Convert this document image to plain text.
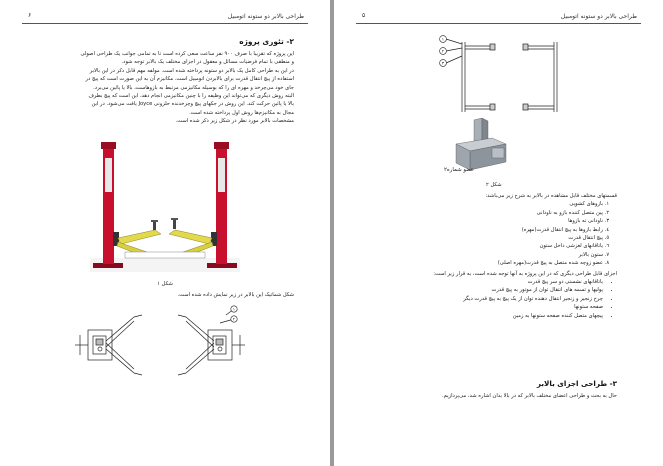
طراحی بالابر دو ستونه اتومبیل
۶
۲- تئوری پروژه
این پروژه که تقریبا با صرف ۹۰۰ نفر ساعت سعی کرده است تا به تمامی جوانب یک طراحی اصولی
و منطقی با تمام فرضیات مسائل و معقول در اجزای مختلف یک بالابر توجه شود.
در این به طراحی کامل یک بالابر دو ستونه پرداخته شده است. مولفه مهم قابل ذکر در این بالابر
استفاده از پیچ انتقال قدرت برای بالابردن اتومبیل است. مکانیزم آن به این صورت است که پیچ در
جای خود می‌چرخد و مهره ای را که بوسیله مکانیزمی مرتبط به بازوهاست، بالا یا پائین می‌برد.
البته روش دیگری که می‌تواند این وظیفه را با چنین مکانیزمی انجام دهد، این است که پیچ بطرف
بالا یا پائین حرکت کند. این روش در جکهای پیچ وچرخدنده حلزونی Joyce یافت می‌شود. در این
مجال به مکانیزم‌ها روش اول پرداخته شده است.
مشخصات بالابر مورد نظر در شکل زیر ذکر شده است.
شکل ۱
شکل شماتیک این بالابر در زیر نمایش داده شده است.
۱
۲
طراحی بالابر دو ستونه اتومبیل
۵
۱
۲
۳
عضو شماره۲
شکل ۲
قسمتهای مختلف قابل مشاهده در بالابر به شرح زیر می‌باشد:
1. بازوهای کشویی
2. پین متصل کننده بازو به ناودانی
3. ناودانی ته بازوها
4. رابط بازوها به پیچ انتقال قدرت(مهره)
5. پیچ انتقال قدرت
6. یاتاقانهای لغزشی داخل ستون
7. ستون بالابر
8. عضو زوچه شده متصل به پیچ قدرت(مهره اصلی)
اجزای قابل طراحی دیگری که در این پروژه به آنها توجه شده است، به قرار زیر است:
• یاتاقانهای نشستی دو سر پیچ قدرت
• پولیها و تسمه های انتقال توان از موتور به پیچ قدرت
• چرخ زنجیر و زنجیر انتقال دهنده توان از یک پیچ به پیچ قدرت دیگر
• صفحه ستونها
• پیچهای متصل کننده صفحه ستونها به زمین
۳- طراحی اجزای بالابر
حال به بحث و طراحی اعضای مختلف بالابر که در بالا بدان اشاره شد، می‌پردازیم.
